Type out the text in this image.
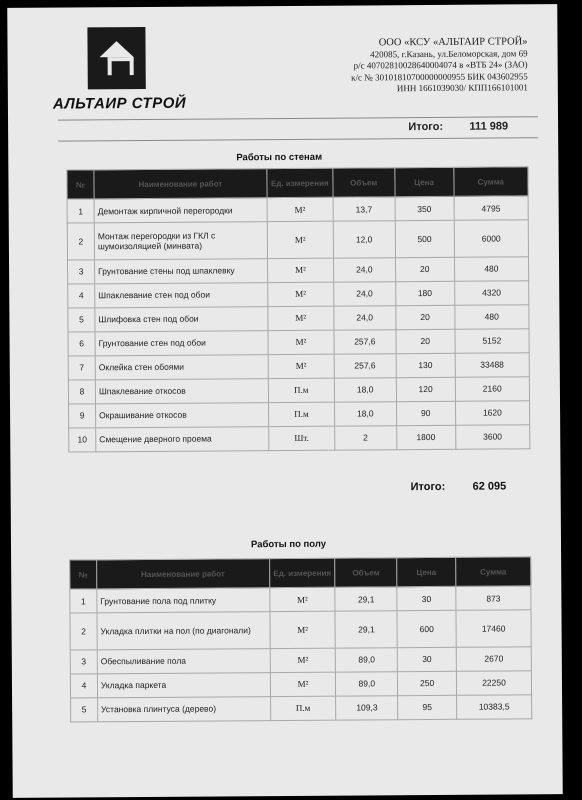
АЛЬТАИР СТРОЙ
ООО «КСУ «АЛЬТАИР СТРОЙ»
420085, г.Казань, ул.Беломорская, дом 69
р/с 40702810028640004074 в «ВТБ 24» (ЗАО)
к/с № 30101810700000000955 БИК 043602955
ИНН 1661039030/ КПП166101001
Итого: 111 989
Работы по стенам
№	Наименование работ	Ед. измерения	Объем	Цена	Сумма
1	Демонтаж кирпичной перегородки	М²	13,7	350	4795
2	Монтаж перегородки из ГКЛ с шумоизоляцией (минвата)	М²	12,0	500	6000
3	Грунтование стены под шпаклевку	М²	24,0	20	480
4	Шпаклевание стен под обои	М²	24,0	180	4320
5	Шлифовка стен под обои	М²	24,0	20	480
6	Грунтование стен под обои	М²	257,6	20	5152
7	Оклейка стен обоями	М²	257,6	130	33488
8	Шпаклевание откосов	П.м	18,0	120	2160
9	Окрашивание откосов	П.м	18,0	90	1620
10	Смещение дверного проема	Шт.	2	1800	3600
Итого: 62 095
Работы по полу
№	Наименование работ	Ед. измерения	Объем	Цена	Сумма
1	Грунтование пола под плитку	М²	29,1	30	873
2	Укладка плитки на пол (по диагонали)	М²	29,1	600	17460
3	Обеспыливание пола	М²	89,0	30	2670
4	Укладка паркета	М²	89,0	250	22250
5	Установка плинтуса (дерево)	П.м	109,3	95	10383,5
